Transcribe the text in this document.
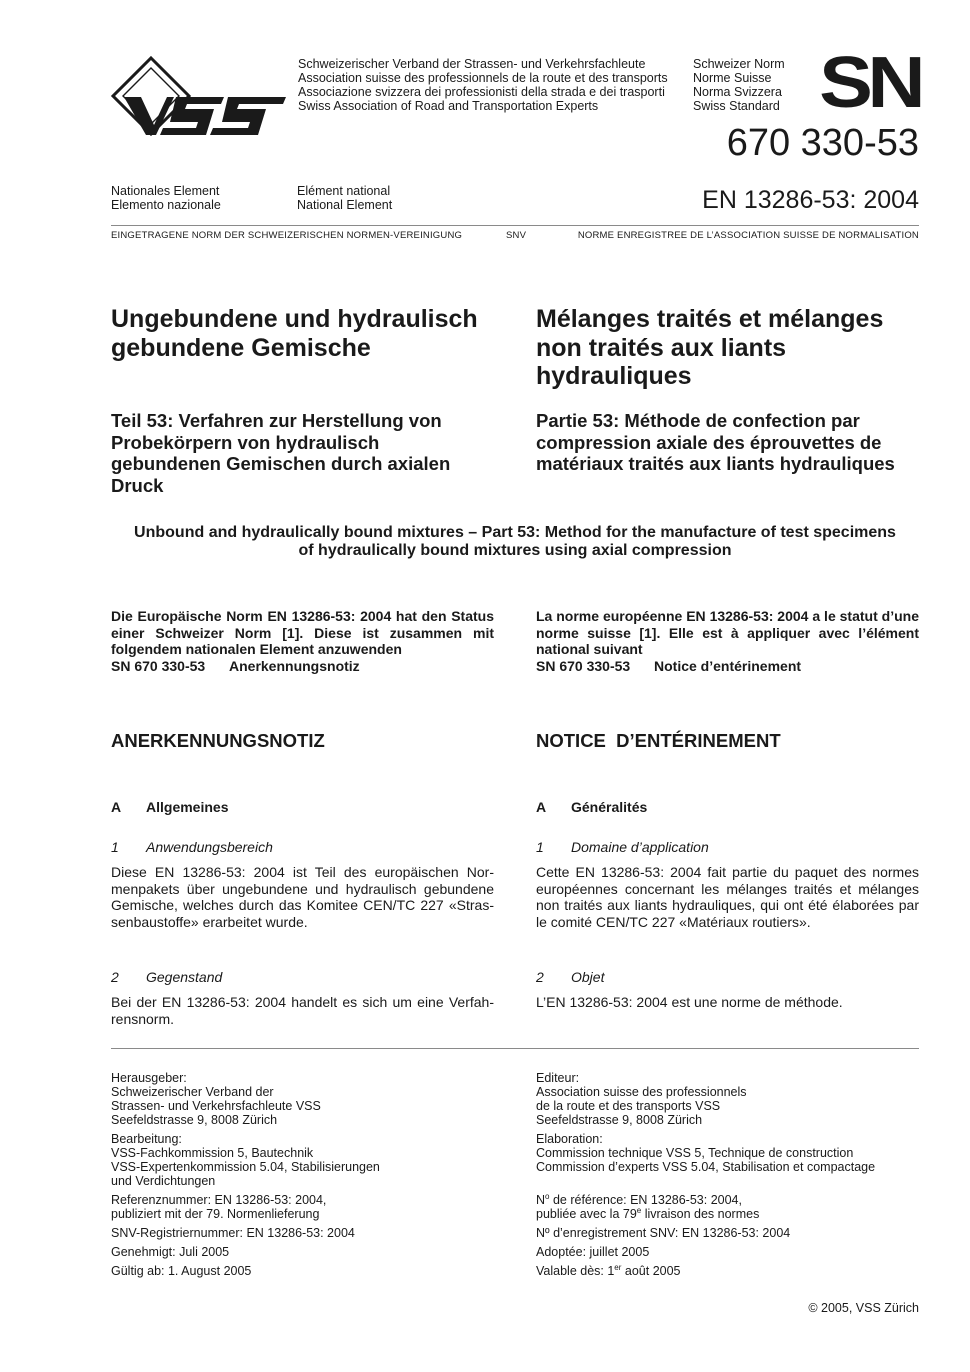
Schweizerischer Verband der Strassen- und Verkehrsfachleute
Association suisse des professionnels de la route et des transports
Associazione svizzera dei professionisti della strada e dei trasporti
Swiss Association of Road and Transportation Experts
Schweizer Norm
Norme Suisse
Norma Svizzera
Swiss Standard SN
670 330-53
Nationales Element
Elemento nazionale
Elément national
National Element	EN 13286-53: 2004
EINGETRAGENE NORM DER SCHWEIZERISCHEN NORMEN-VEREINIGUNG	SNV	NORME ENREGISTREE DE L’ASSOCIATION SUISSE DE NORMALISATION
Ungebundene und hydraulisch gebundene Gemische
Mélanges traités et mélanges non traités aux liants hydrauliques
Teil 53: Verfahren zur Herstellung von Probekörpern von hydraulisch gebundenen Gemischen durch axialen Druck
Partie 53: Méthode de confection par compression axiale des éprouvettes de matériaux traités aux liants hydrauliques
Unbound and hydraulically bound mixtures – Part 53: Method for the manufacture of test specimens
of hydraulically bound mixtures using axial compression
Die Europäische Norm EN 13286-53: 2004 hat den Status einer Schweizer Norm [1]. Diese ist zusammen mit folgendem nationalen Element anzuwenden
SN 670 330-53 Anerkennungsnotiz
La norme européenne EN 13286-53: 2004 a le statut d’une norme suisse [1]. Elle est à appliquer avec l’élément national suivant
SN 670 330-53 Notice d’entérinement
ANERKENNUNGSNOTIZ	NOTICE  D’ENTÉRINEMENT
A Allgemeines	A Généralités
1 Anwendungsbereich	1 Domaine d’application
Diese EN 13286-53: 2004 ist Teil des europäischen Normenpakets über ungebundene und hydraulisch gebundene Gemische, welches durch das Komitee CEN/TC 227 «Strassenbaustoffe» erarbeitet wurde.
Cette EN 13286-53: 2004 fait partie du paquet des normes européennes concernant les mélanges traités et mélanges non traités aux liants hydrauliques, qui ont été élaborées par le comité CEN/TC 227 «Matériaux routiers».
2 Gegenstand	2 Objet
Bei der EN 13286-53: 2004 handelt es sich um eine Verfahrensnorm.
L’EN 13286-53: 2004 est une norme de méthode.
Herausgeber:
Schweizerischer Verband der
Strassen- und Verkehrsfachleute VSS
Seefeldstrasse 9, 8008 Zürich
Bearbeitung:
VSS-Fachkommission 5, Bautechnik
VSS-Expertenkommission 5.04, Stabilisierungen
und Verdichtungen
Referenznummer: EN 13286-53: 2004,
publiziert mit der 79. Normenlieferung
SNV-Registriernummer: EN 13286-53: 2004
Genehmigt: Juli 2005
Gültig ab: 1. August 2005
Editeur:
Association suisse des professionnels
de la route et des transports VSS
Seefeldstrasse 9, 8008 Zürich
Elaboration:
Commission technique VSS 5, Technique de construction
Commission d’experts VSS 5.04, Stabilisation et compactage
$N^o$ de référence: EN 13286-53: 2004,
publiée avec la 79e livraison des normes
Nº d’enregistrement SNV: EN 13286-53: 2004
Adoptée: juillet 2005
Valable dès: 1er août 2005
© 2005, VSS Zürich
